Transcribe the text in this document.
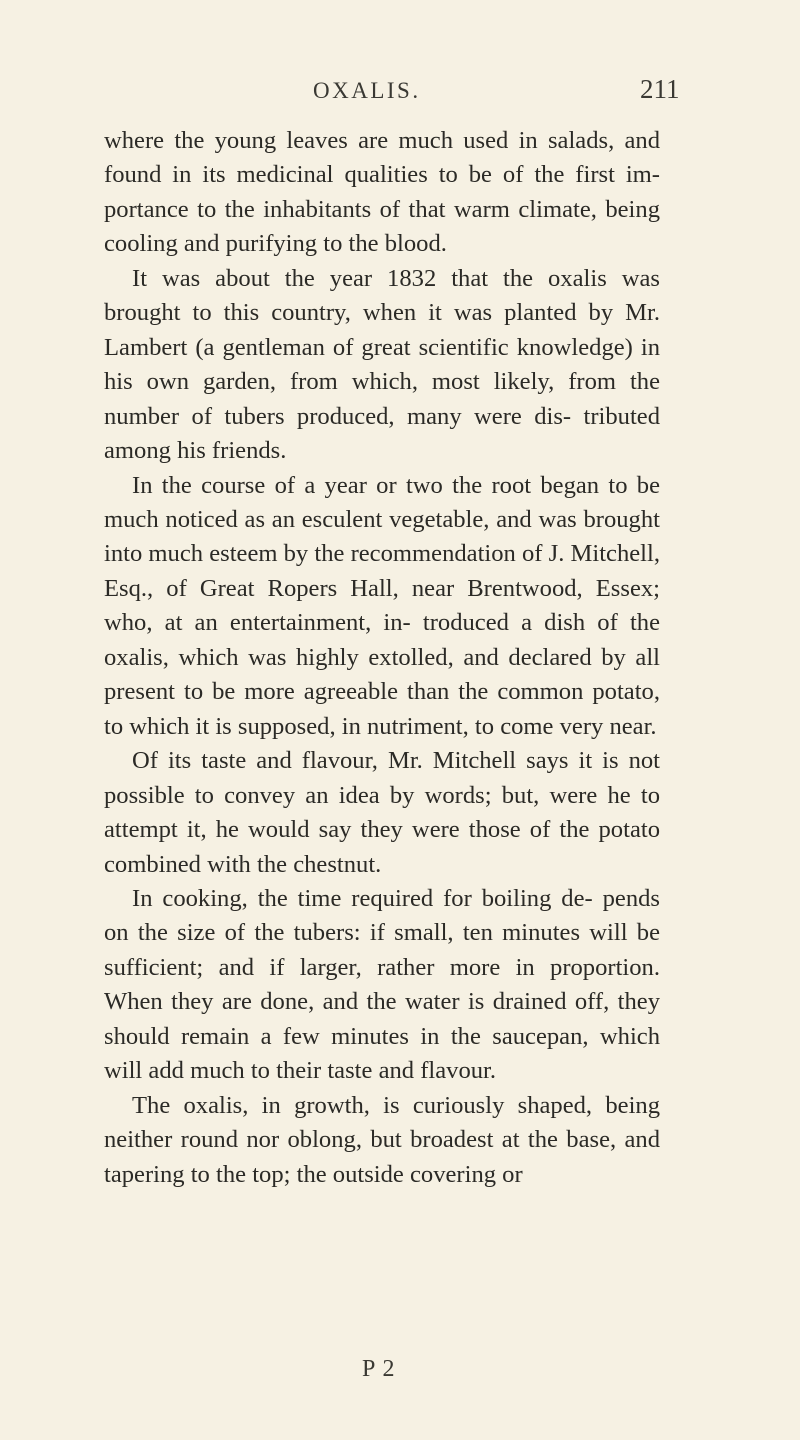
OXALIS.	211

where the young leaves are much used in salads, and found in its medicinal qualities to be of the first im- portance to the inhabitants of that warm climate, being cooling and purifying to the blood.

It was about the year 1832 that the oxalis was brought to this country, when it was planted by Mr. Lambert (a gentleman of great scientific knowledge) in his own garden, from which, most likely, from the number of tubers produced, many were dis- tributed among his friends.

In the course of a year or two the root began to be much noticed as an esculent vegetable, and was brought into much esteem by the recommendation of J. Mitchell, Esq., of Great Ropers Hall, near Brentwood, Essex; who, at an entertainment, in- troduced a dish of the oxalis, which was highly extolled, and declared by all present to be more agreeable than the common potato, to which it is supposed, in nutriment, to come very near.

Of its taste and flavour, Mr. Mitchell says it is not possible to convey an idea by words; but, were he to attempt it, he would say they were those of the potato combined with the chestnut.

In cooking, the time required for boiling de- pends on the size of the tubers: if small, ten minutes will be sufficient; and if larger, rather more in proportion. When they are done, and the water is drained off, they should remain a few minutes in the saucepan, which will add much to their taste and flavour.

The oxalis, in growth, is curiously shaped, being neither round nor oblong, but broadest at the base, and tapering to the top; the outside covering or

P 2
